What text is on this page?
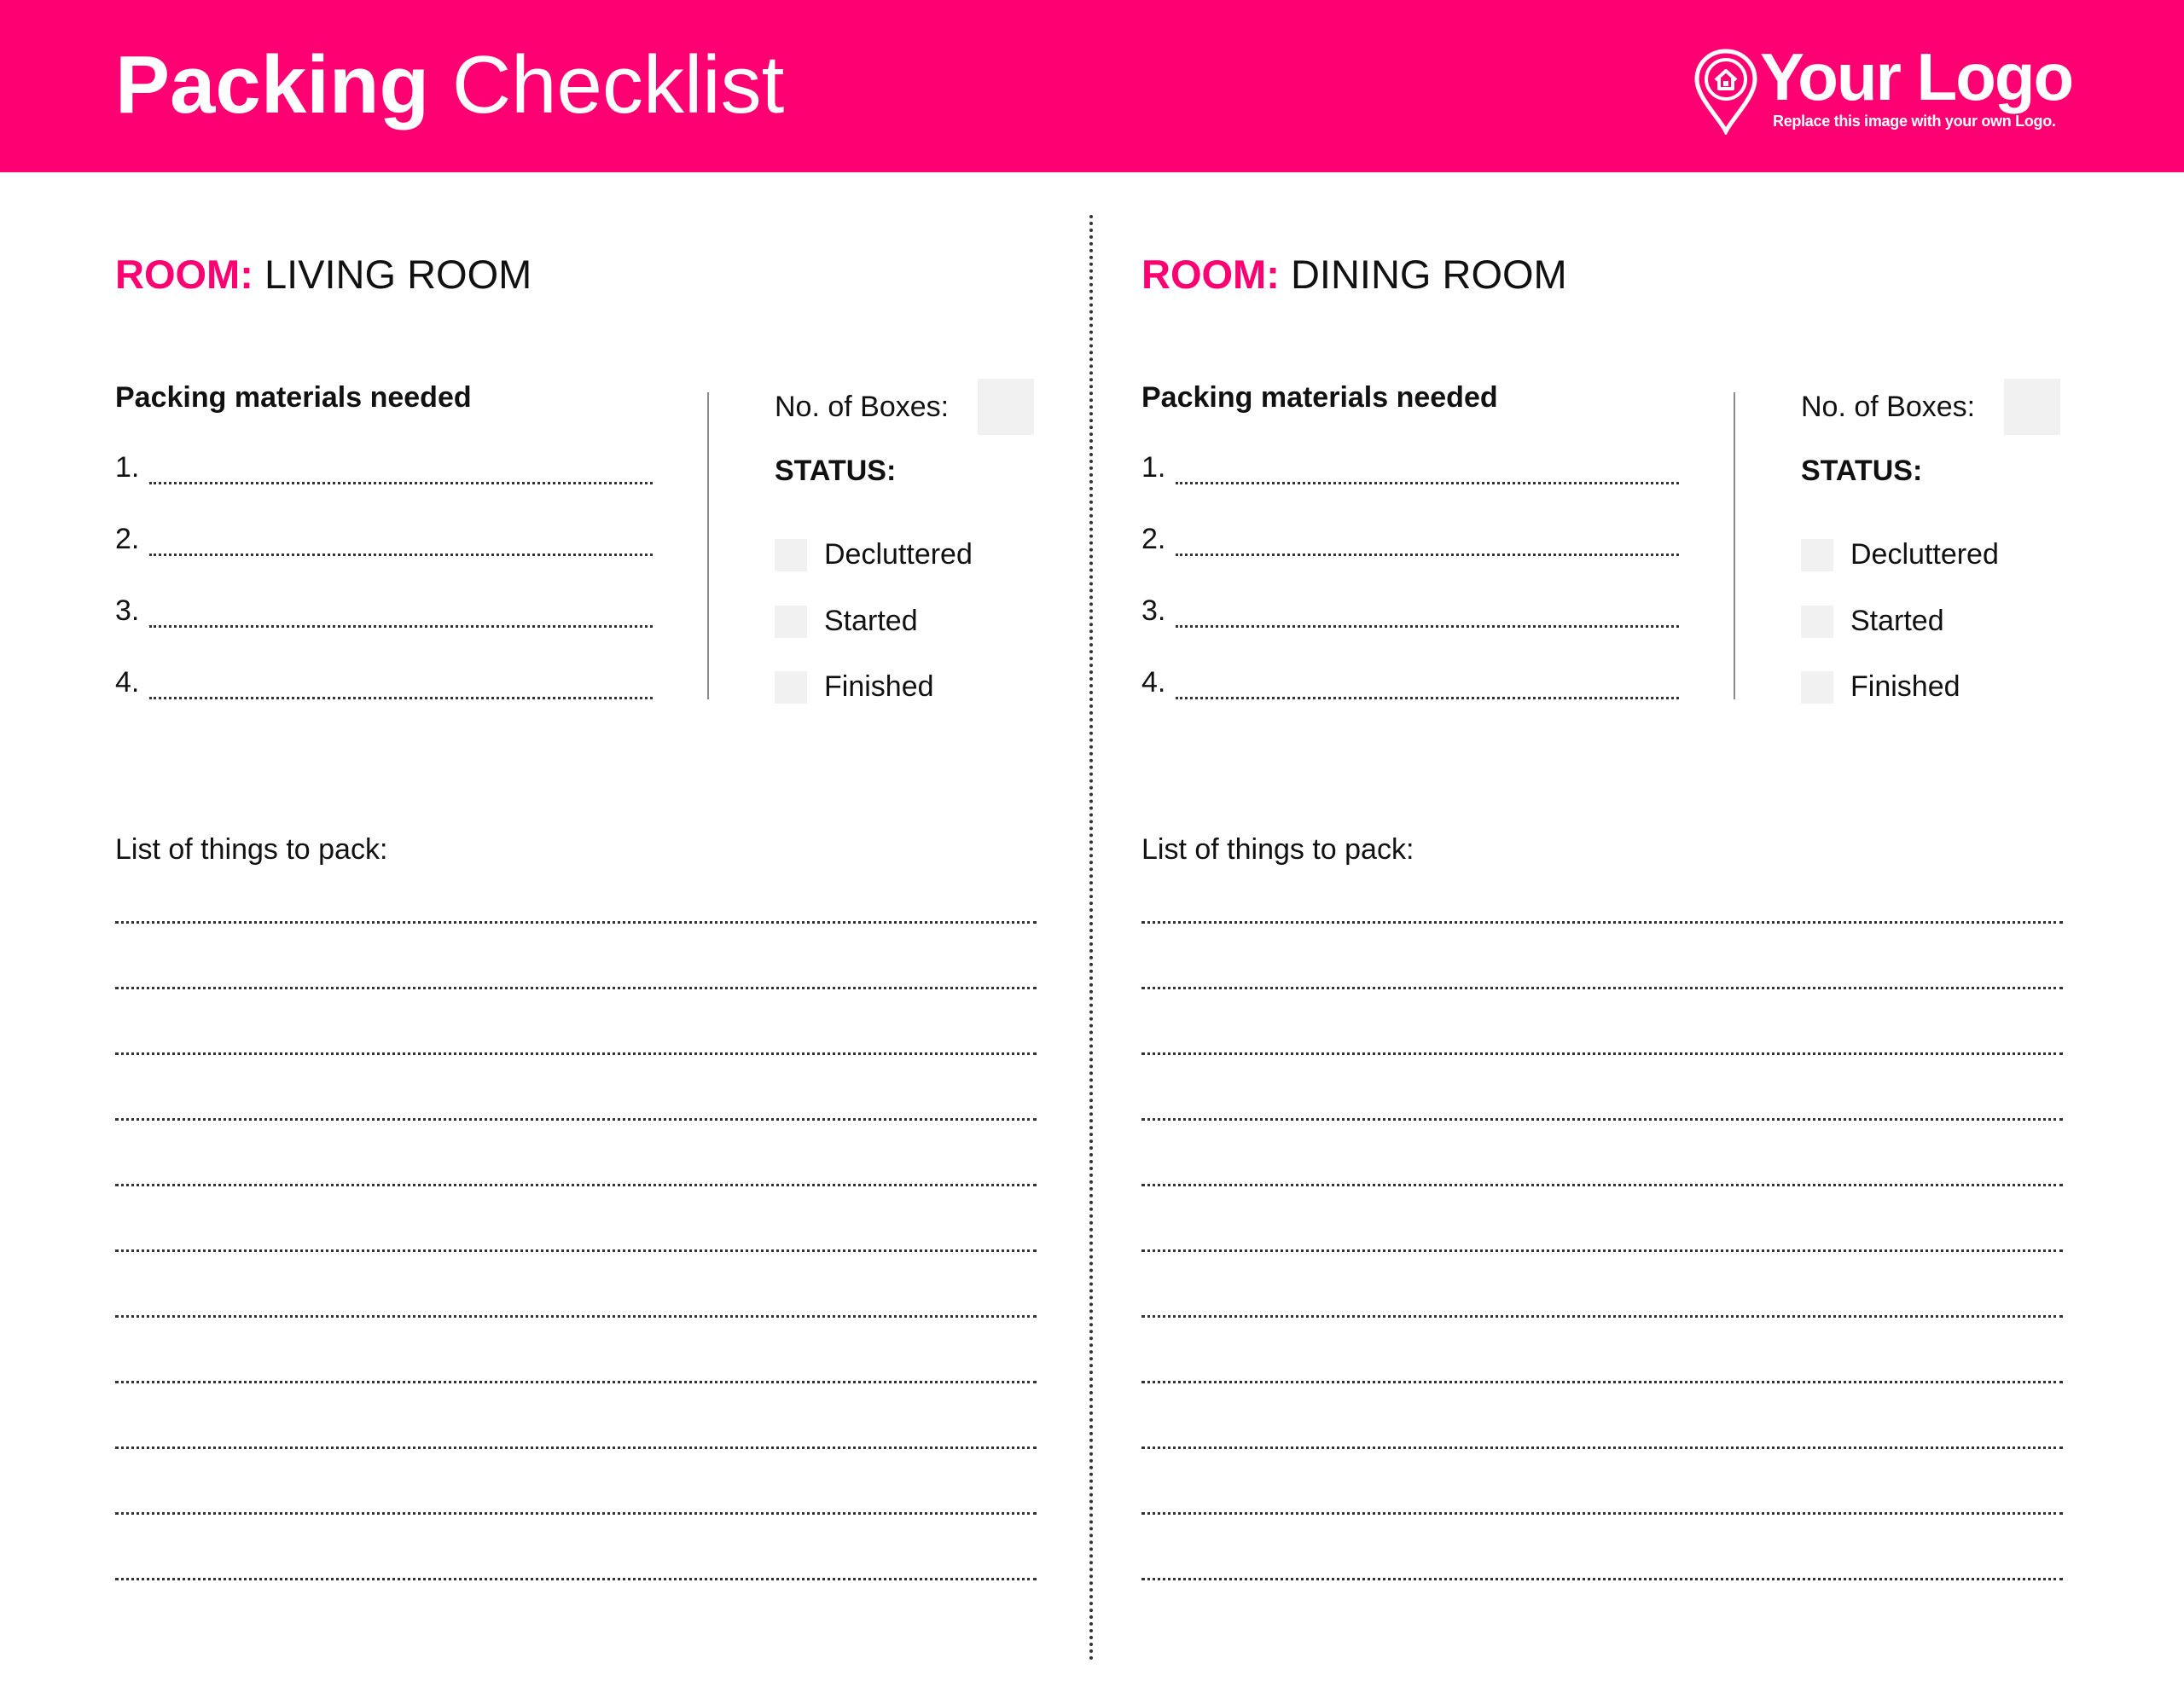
Packing Checklist	Your Logo
Replace this image with your own Logo.
ROOM: LIVING ROOM
Packing materials needed
1.
2.
3.
4.
No. of Boxes:
STATUS:
Decluttered
Started
Finished
List of things to pack:
ROOM: DINING ROOM
Packing materials needed
1.
2.
3.
4.
No. of Boxes:
STATUS:
Decluttered
Started
Finished
List of things to pack:
